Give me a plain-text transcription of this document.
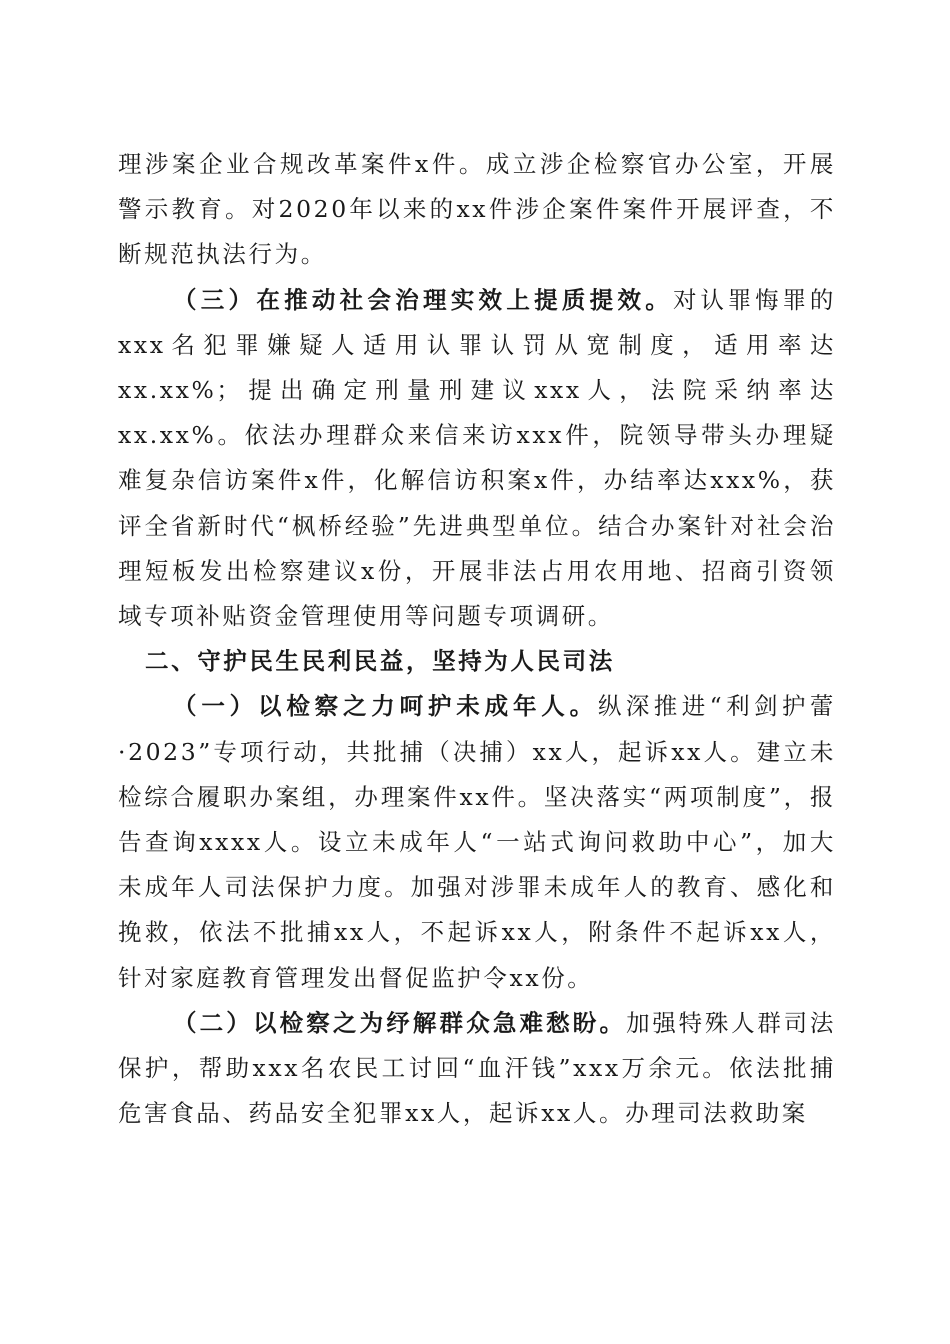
理涉案企业合规改革案件x件。成立涉企检察官办公室，开展警示教育。对2020年以来的xx件涉企案件案件开展评查，不断规范执法行为。

（三）在推动社会治理实效上提质提效。对认罪悔罪的xxx名犯罪嫌疑人适用认罪认罚从宽制度，适用率达xx.xx%；提出确定刑量刑建议xxx人，法院采纳率达xx.xx%。依法办理群众来信来访xxx件，院领导带头办理疑难复杂信访案件x件，化解信访积案x件，办结率达xxx%，获评全省新时代“枫桥经验”先进典型单位。结合办案针对社会治理短板发出检察建议x份，开展非法占用农用地、招商引资领域专项补贴资金管理使用等问题专项调研。

二、守护民生民利民益，坚持为人民司法

（一）以检察之力呵护未成年人。纵深推进“利剑护蕾·2023”专项行动，共批捕（决捕）xx人，起诉xx人。建立未检综合履职办案组，办理案件xx件。坚决落实“两项制度”，报告查询xxxx人。设立未成年人“一站式询问救助中心”，加大未成年人司法保护力度。加强对涉罪未成年人的教育、感化和挽救，依法不批捕xx人，不起诉xx人，附条件不起诉xx人，针对家庭教育管理发出督促监护令xx份。

（二）以检察之为纾解群众急难愁盼。加强特殊人群司法保护，帮助xxx名农民工讨回“血汗钱”xxx万余元。依法批捕危害食品、药品安全犯罪xx人，起诉xx人。办理司法救助案
